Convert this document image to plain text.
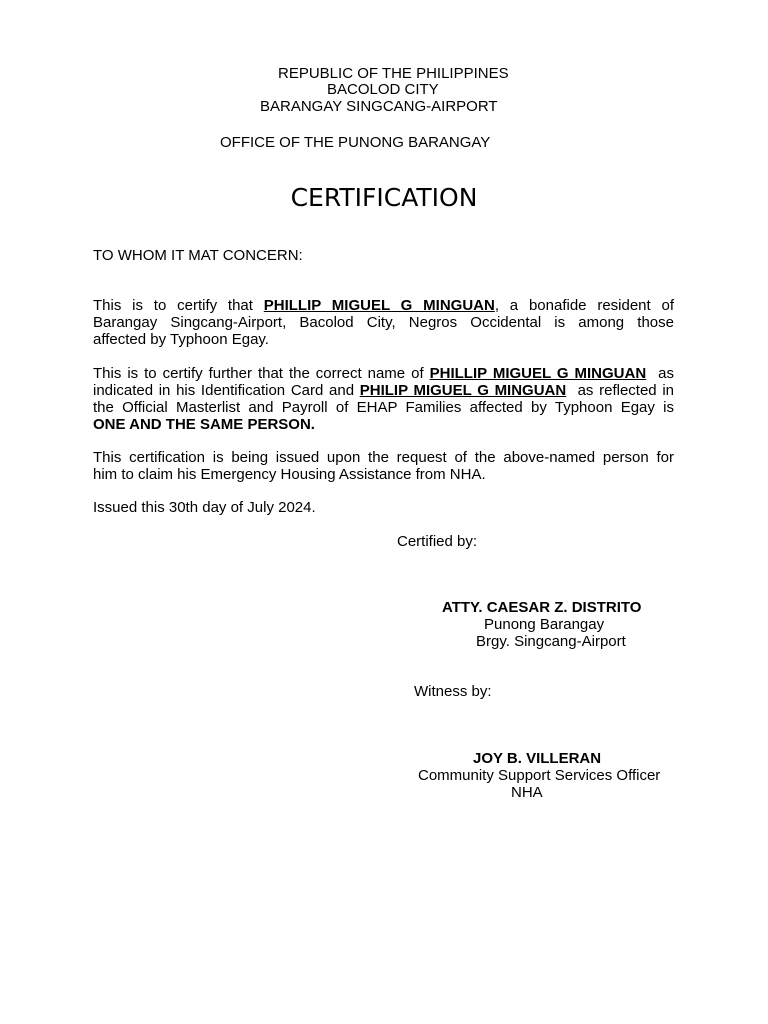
REPUBLIC OF THE PHILIPPINES
BACOLOD CITY
BARANGAY SINGCANG-AIRPORT
OFFICE OF THE PUNONG BARANGAY
CERTIFICATION
TO WHOM IT MAT CONCERN:
This is to certify that PHILLIP MIGUEL G MINGUAN, a bonafide resident of
Barangay Singcang-Airport, Bacolod City, Negros Occidental is among those
affected by Typhoon Egay.
This is to certify further that the correct name of PHILLIP MIGUEL G MINGUAN  as
indicated in his Identification Card and PHILIP MIGUEL G MINGUAN  as reflected in
the Official Masterlist and Payroll of EHAP Families affected by Typhoon Egay is
ONE AND THE SAME PERSON.
This certification is being issued upon the request of the above-named person for
him to claim his Emergency Housing Assistance from NHA.
Issued this 30th day of July 2024.
Certified by:
ATTY. CAESAR Z. DISTRITO
Punong Barangay
Brgy. Singcang-Airport
Witness by:
JOY B. VILLERAN
Community Support Services Officer
NHA
